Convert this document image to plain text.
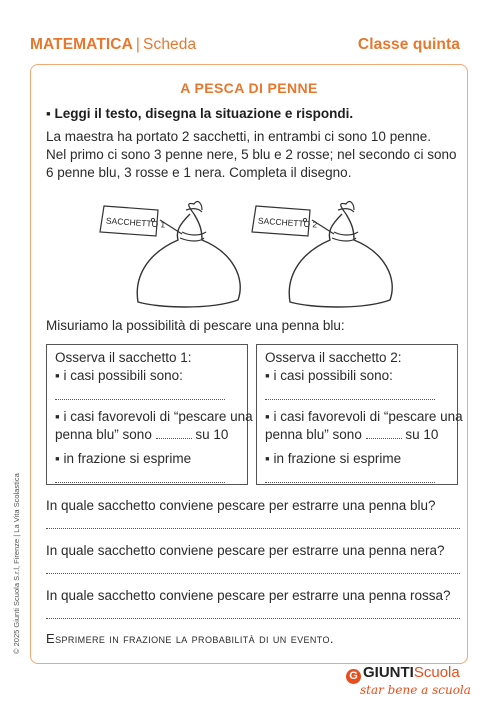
MATEMATICA | Scheda	Classe quinta
A PESCA DI PENNE
▪ Leggi il testo, disegna la situazione e rispondi.
La maestra ha portato 2 sacchetti, in entrambi ci sono 10 penne.
Nel primo ci sono 3 penne nere, 5 blu e 2 rosse; nel secondo ci sono
6 penne blu, 3 rosse e 1 nera. Completa il disegno.
SACCHETTO 1	SACCHETTO 2
Misuriamo la possibilità di pescare una penna blu:
Osserva il sacchetto 1:
▪ i casi possibili sono:
▪ i casi favorevoli di “pescare una
penna blu” sono	su 10
▪ in frazione si esprime
Osserva il sacchetto 2:
▪ i casi possibili sono:
▪ i casi favorevoli di “pescare una
penna blu” sono	su 10
▪ in frazione si esprime
In quale sacchetto conviene pescare per estrarre una penna blu?
In quale sacchetto conviene pescare per estrarre una penna nera?
In quale sacchetto conviene pescare per estrarre una penna rossa?
Esprimere in frazione la probabilità di un evento.
© 2025 Giunti Scuola S.r.l, Firenze | La Vita Scolastica
G GIUNTIScuola
star bene a scuola
